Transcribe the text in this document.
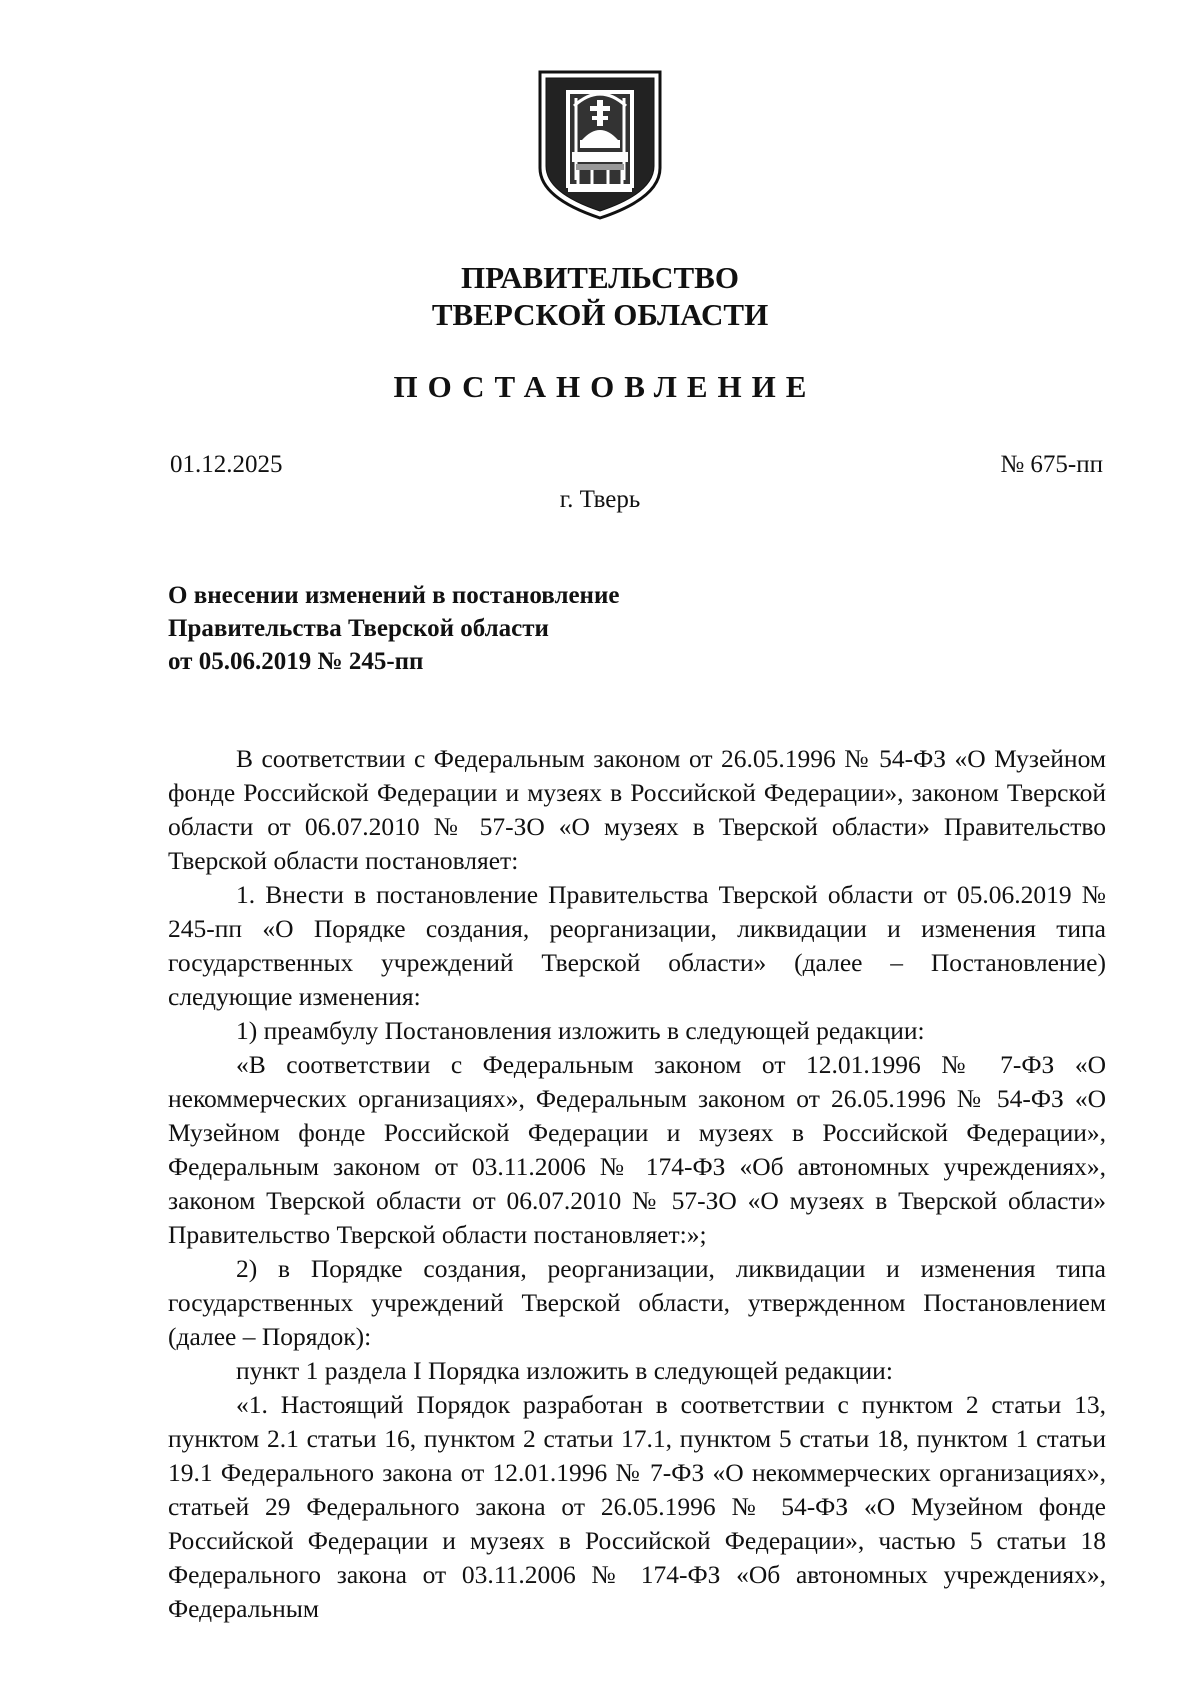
ПРАВИТЕЛЬСТВО
ТВЕРСКОЙ ОБЛАСТИ
ПОСТАНОВЛЕНИЕ
01.12.2025	№ 675-пп
г. Тверь
О внесении изменений в постановление
Правительства Тверской области
от 05.06.2019 № 245-пп

В соответствии с Федеральным законом от 26.05.1996 № 54-ФЗ «О Музейном фонде Российской Федерации и музеях в Российской Федерации», законом Тверской области от 06.07.2010 № 57-ЗО «О музеях в Тверской области» Правительство Тверской области постановляет:

1. Внести в постановление Правительства Тверской области от 05.06.2019 № 245-пп «О Порядке создания, реорганизации, ликвидации и изменения типа государственных учреждений Тверской области» (далее – Постановление) следующие изменения:

1) преамбулу Постановления изложить в следующей редакции:

«В соответствии с Федеральным законом от 12.01.1996 № 7-ФЗ «О некоммерческих организациях», Федеральным законом от 26.05.1996 № 54-ФЗ «О Музейном фонде Российской Федерации и музеях в Российской Федерации», Федеральным законом от 03.11.2006 № 174-ФЗ «Об автономных учреждениях», законом Тверской области от 06.07.2010 № 57-ЗО «О музеях в Тверской области» Правительство Тверской области постановляет:»;

2) в Порядке создания, реорганизации, ликвидации и изменения типа государственных учреждений Тверской области, утвержденном Постановлением (далее – Порядок):

пункт 1 раздела I Порядка изложить в следующей редакции:

«1. Настоящий Порядок разработан в соответствии с пунктом 2 статьи 13, пунктом 2.1 статьи 16, пунктом 2 статьи 17.1, пунктом 5 статьи 18, пунктом 1 статьи 19.1 Федерального закона от 12.01.1996 № 7-ФЗ «О некоммерческих организациях», статьей 29 Федерального закона от 26.05.1996 № 54-ФЗ «О Музейном фонде Российской Федерации и музеях в Российской Федерации», частью 5 статьи 18 Федерального закона от 03.11.2006 № 174-ФЗ «Об автономных учреждениях», Федеральным
